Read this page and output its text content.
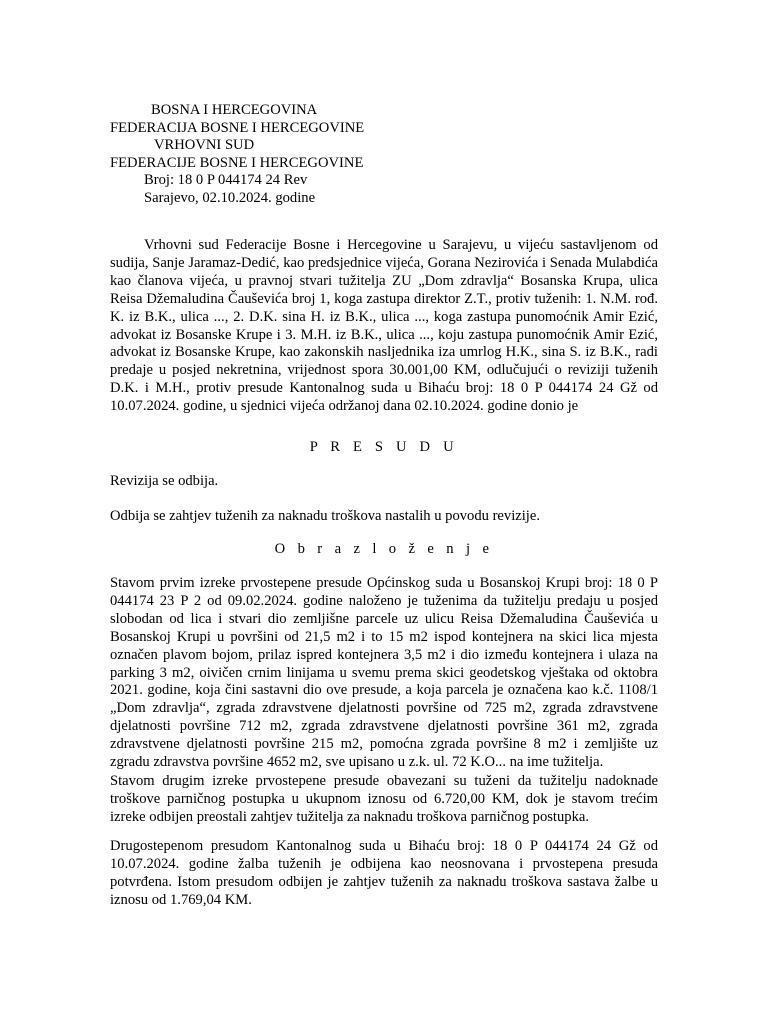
BOSNA I HERCEGOVINA
FEDERACIJA BOSNE I HERCEGOVINE
VRHOVNI SUD
FEDERACIJE BOSNE I HERCEGOVINE
Broj: 18 0 P 044174 24 Rev
Sarajevo, 02.10.2024. godine

Vrhovni sud Federacije Bosne i Hercegovine u Sarajevu, u vijeću sastavljenom od sudija, Sanje Jaramaz-Dedić, kao predsjednice vijeća, Gorana Nezirovića i Senada Mulabdića kao članova vijeća, u pravnoj stvari tužitelja ZU „Dom zdravlja“ Bosanska Krupa, ulica Reisa Džemaludina Čauševića broj 1, koga zastupa direktor Z.T., protiv tuženih: 1. N.M. rođ. K. iz B.K., ulica ..., 2. D.K. sina H. iz B.K., ulica ..., koga zastupa punomoćnik Amir Ezić, advokat iz Bosanske Krupe i 3. M.H. iz B.K., ulica ..., koju zastupa punomoćnik Amir Ezić, advokat iz Bosanske Krupe, kao zakonskih nasljednika iza umrlog H.K., sina S. iz B.K., radi predaje u posjed nekretnina, vrijednost spora 30.001,00 KM, odlučujući o reviziji tuženih D.K. i M.H., protiv presude Kantonalnog suda u Bihaću broj: 18 0 P 044174 24 Gž od 10.07.2024. godine, u sjednici vijeća održanoj dana 02.10.2024. godine donio je

P R E S U D U

Revizija se odbija.

Odbija se zahtjev tuženih za naknadu troškova nastalih u povodu revizije.

O b r a z l o ž e n j e

Stavom prvim izreke prvostepene presude Općinskog suda u Bosanskoj Krupi broj: 18 0 P 044174 23 P 2 od 09.02.2024. godine naloženo je tuženima da tužitelju predaju u posjed slobodan od lica i stvari dio zemljišne parcele uz ulicu Reisa Džemaludina Čauševića u Bosanskoj Krupi u površini od 21,5 m2 i to 15 m2 ispod kontejnera na skici lica mjesta označen plavom bojom, prilaz ispred kontejnera 3,5 m2 i dio između kontejnera i ulaza na parking 3 m2, oivičen crnim linijama u svemu prema skici geodetskog vještaka od oktobra 2021. godine, koja čini sastavni dio ove presude, a koja parcela je označena kao k.č. 1108/1 „Dom zdravlja“, zgrada zdravstvene djelatnosti površine od 725 m2, zgrada zdravstvene djelatnosti površine 712 m2, zgrada zdravstvene djelatnosti površine 361 m2, zgrada zdravstvene djelatnosti površine 215 m2, pomoćna zgrada površine 8 m2 i zemljište uz zgradu zdravstva površine 4652 m2, sve upisano u z.k. ul. 72 K.O... na ime tužitelja.

Stavom drugim izreke prvostepene presude obavezani su tuženi da tužitelju nadoknade troškove parničnog postupka u ukupnom iznosu od 6.720,00 KM, dok je stavom trećim izreke odbijen preostali zahtjev tužitelja za naknadu troškova parničnog postupka.

Drugostepenom presudom Kantonalnog suda u Bihaću broj: 18 0 P 044174 24 Gž od 10.07.2024. godine žalba tuženih je odbijena kao neosnovana i prvostepena presuda potvrđena. Istom presudom odbijen je zahtjev tuženih za naknadu troškova sastava žalbe u iznosu od 1.769,04 KM.
